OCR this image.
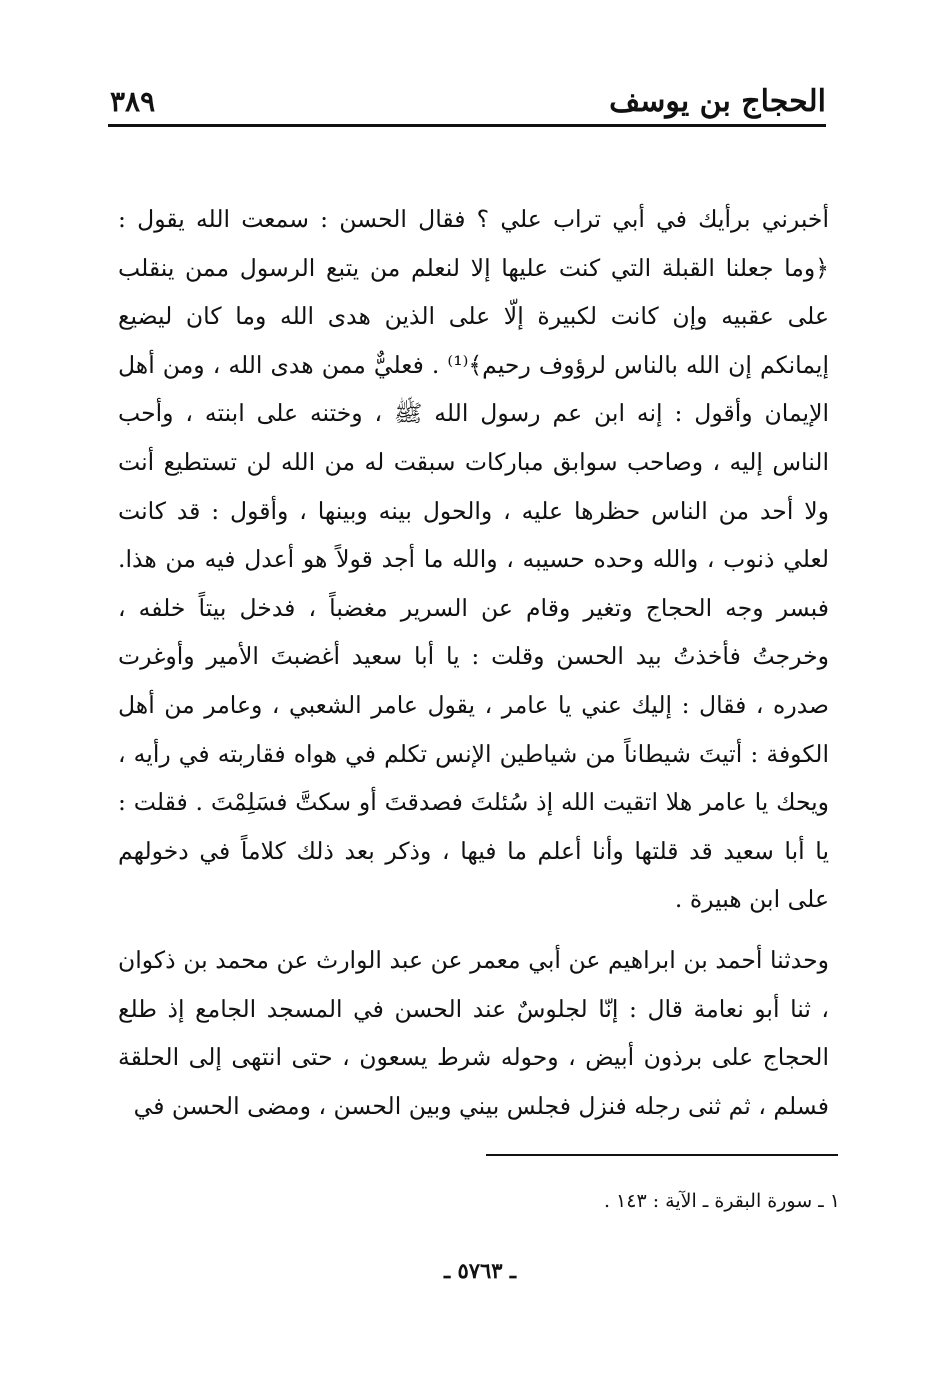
الحجاج بن يوسف
٣٨٩

أخبرني برأيك في أبي تراب علي ؟ فقال الحسن : سمعت الله يقول : ﴿وما جعلنا القبلة التي كنت عليها إلا لنعلم من يتبع الرسول ممن ينقلب على عقبيه وإن كانت لكبيرة إلّا على الذين هدى الله وما كان ليضيع إيمانكم إن الله بالناس لرؤوف رحيم﴾⁽¹⁾ . فعليٌّ ممن هدى الله ، ومن أهل الإيمان وأقول : إنه ابن عم رسول الله ﷺ ، وختنه على ابنته ، وأحب الناس إليه ، وصاحب سوابق مباركات سبقت له من الله لن تستطيع أنت ولا أحد من الناس حظرها عليه ، والحول بينه وبينها ، وأقول : قد كانت لعلي ذنوب ، والله وحده حسيبه ، والله ما أجد قولاً هو أعدل فيه من هذا. فبسر وجه الحجاج وتغير وقام عن السرير مغضباً ، فدخل بيتاً خلفه ، وخرجتُ فأخذتُ بيد الحسن وقلت : يا أبا سعيد أغضبتَ الأمير وأوغرت صدره ، فقال : إليك عني يا عامر ، يقول عامر الشعبي ، وعامر من أهل الكوفة : أتيتَ شيطاناً من شياطين الإنس تكلم في هواه فقاربته في رأيه ، ويحك يا عامر هلا اتقيت الله إذ سُئلتَ فصدقتَ أو سكتَّ فسَلِمْتَ . فقلت : يا أبا سعيد قد قلتها وأنا أعلم ما فيها ، وذكر بعد ذلك كلاماً في دخولهم على ابن هبيرة .

وحدثنا أحمد بن ابراهيم عن أبي معمر عن عبد الوارث عن محمد بن ذكوان ، ثنا أبو نعامة قال : إنّا لجلوسٌ عند الحسن في المسجد الجامع إذ طلع الحجاج على برذون أبيض ، وحوله شرط يسعون ، حتى انتهى إلى الحلقة فسلم ، ثم ثنى رجله فنزل فجلس بيني وبين الحسن ، ومضى الحسن في

١ ـ سورة البقرة ـ الآية : ١٤٣ .
ـ ٥٧٦٣ ـ
